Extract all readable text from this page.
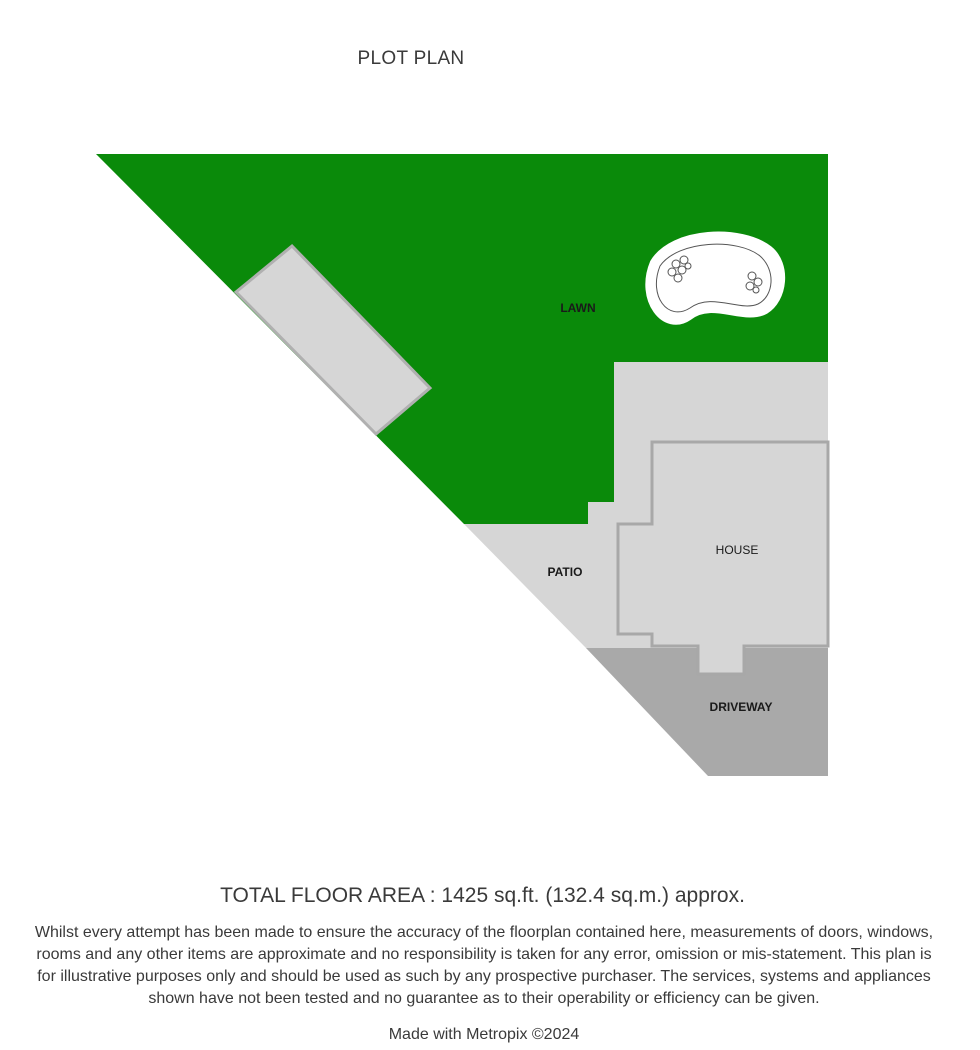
PLOT PLAN
LAWN
HOUSE
PATIO
DRIVEWAY
TOTAL FLOOR AREA : 1425 sq.ft. (132.4 sq.m.) approx.
Whilst every attempt has been made to ensure the accuracy of the floorplan contained here, measurements of doors, windows, rooms and any other items are approximate and no responsibility is taken for any error, omission or mis-statement. This plan is for illustrative purposes only and should be used as such by any prospective purchaser. The services, systems and appliances shown have not been tested and no guarantee as to their operability or efficiency can be given.
Made with Metropix ©2024
